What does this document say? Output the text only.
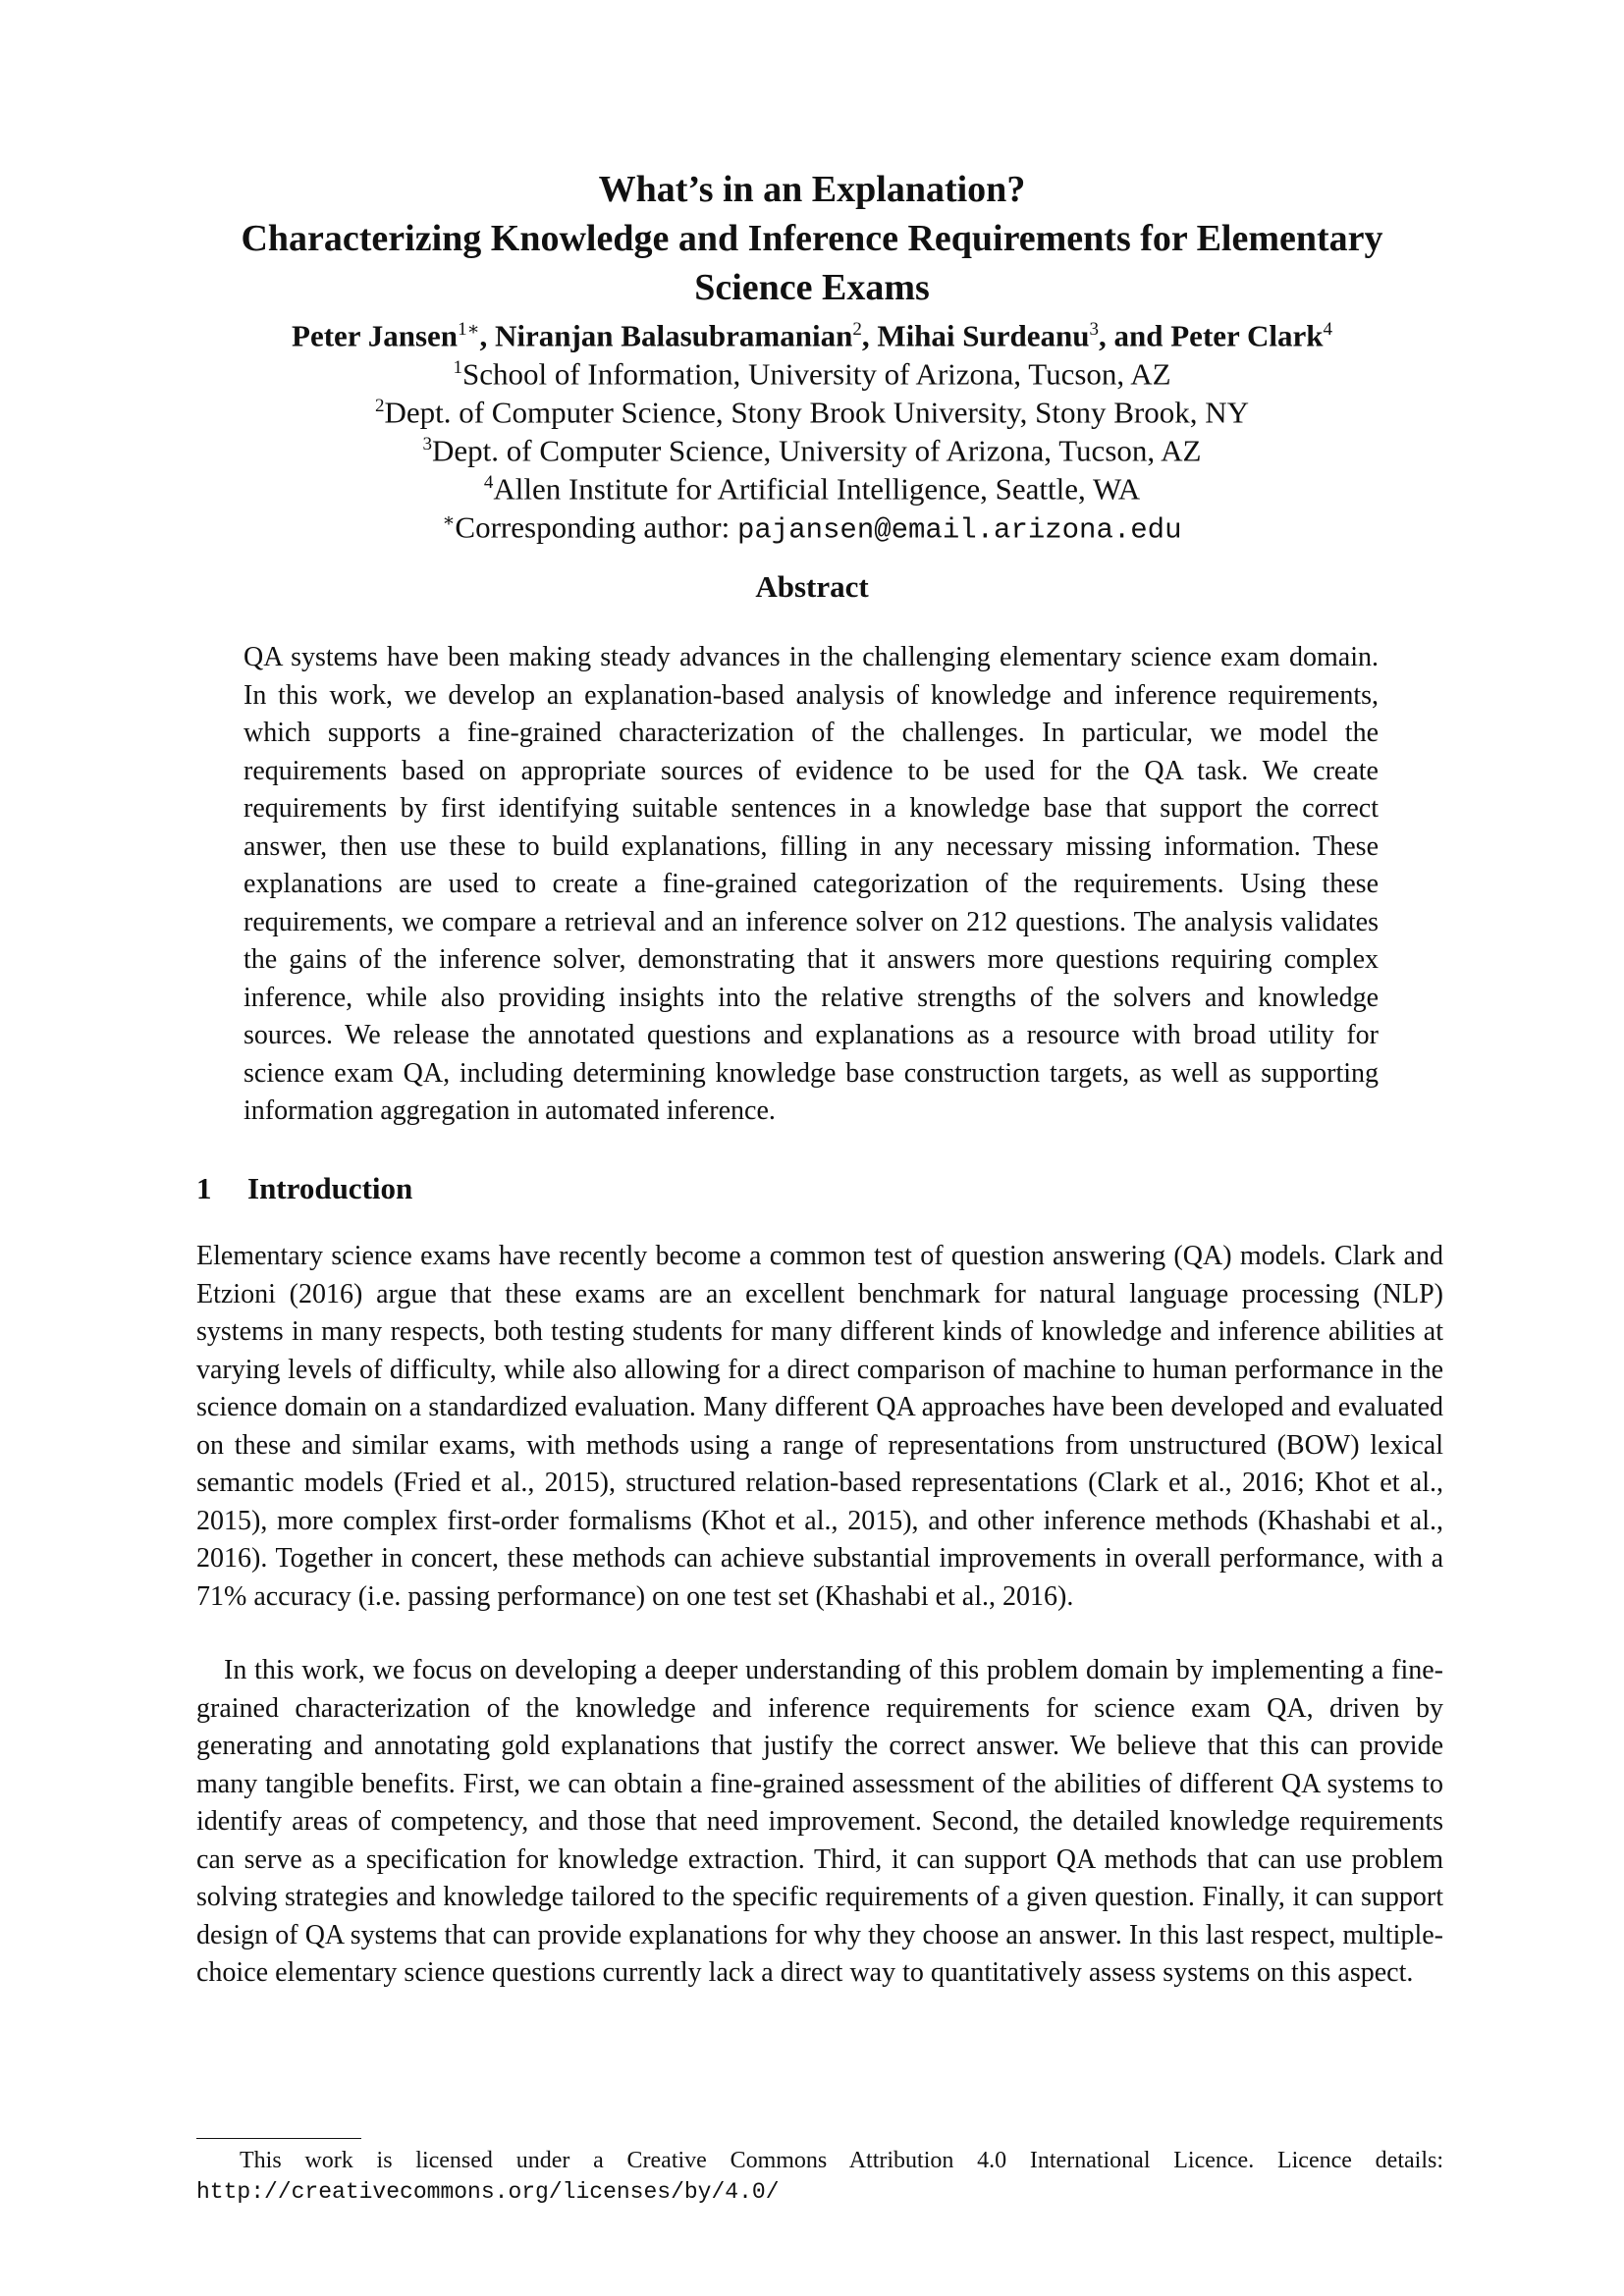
What’s in an Explanation?
Characterizing Knowledge and Inference Requirements for Elementary
Science Exams
Peter Jansen$^{1∗}$, Niranjan Balasubramanian$^2$, Mihai Surdeanu$^3$, and Peter Clark$^4$
$^1$School of Information, University of Arizona, Tucson, AZ
$^2$Dept. of Computer Science, Stony Brook University, Stony Brook, NY
$^3$Dept. of Computer Science, University of Arizona, Tucson, AZ
$^4$Allen Institute for Artificial Intelligence, Seattle, WA
∗Corresponding author: pajansen@email.arizona.edu
Abstract
QA systems have been making steady advances in the challenging elementary science exam domain. In this work, we develop an explanation-based analysis of knowledge and inference requirements, which supports a fine-grained characterization of the challenges. In particular, we model the requirements based on appropriate sources of evidence to be used for the QA task. We create requirements by first identifying suitable sentences in a knowledge base that support the correct answer, then use these to build explanations, filling in any necessary missing information. These explanations are used to create a fine-grained categorization of the requirements. Using these requirements, we compare a retrieval and an inference solver on 212 questions. The analysis validates the gains of the inference solver, demonstrating that it answers more questions requiring complex inference, while also providing insights into the relative strengths of the solvers and knowledge sources. We release the annotated questions and explanations as a resource with broad utility for science exam QA, including determining knowledge base construction targets, as well as supporting information aggregation in automated inference.
1 Introduction
Elementary science exams have recently become a common test of question answering (QA) models. Clark and Etzioni (2016) argue that these exams are an excellent benchmark for natural language processing (NLP) systems in many respects, both testing students for many different kinds of knowledge and inference abilities at varying levels of difficulty, while also allowing for a direct comparison of machine to human performance in the science domain on a standardized evaluation. Many different QA approaches have been developed and evaluated on these and similar exams, with methods using a range of representations from unstructured (BOW) lexical semantic models (Fried et al., 2015), structured relation-based representations (Clark et al., 2016; Khot et al., 2015), more complex first-order formalisms (Khot et al., 2015), and other inference methods (Khashabi et al., 2016). Together in concert, these methods can achieve substantial improvements in overall performance, with a 71% accuracy (i.e. passing performance) on one test set (Khashabi et al., 2016).
In this work, we focus on developing a deeper understanding of this problem domain by implementing a fine-grained characterization of the knowledge and inference requirements for science exam QA, driven by generating and annotating gold explanations that justify the correct answer. We believe that this can provide many tangible benefits. First, we can obtain a fine-grained assessment of the abilities of different QA systems to identify areas of competency, and those that need improvement. Second, the detailed knowledge requirements can serve as a specification for knowledge extraction. Third, it can support QA methods that can use problem solving strategies and knowledge tailored to the specific requirements of a given question. Finally, it can support design of QA systems that can provide explanations for why they choose an answer. In this last respect, multiple-choice elementary science questions currently lack a direct way to quantitatively assess systems on this aspect.
This work is licensed under a Creative Commons Attribution 4.0 International Licence. Licence details:
http://creativecommons.org/licenses/by/4.0/
